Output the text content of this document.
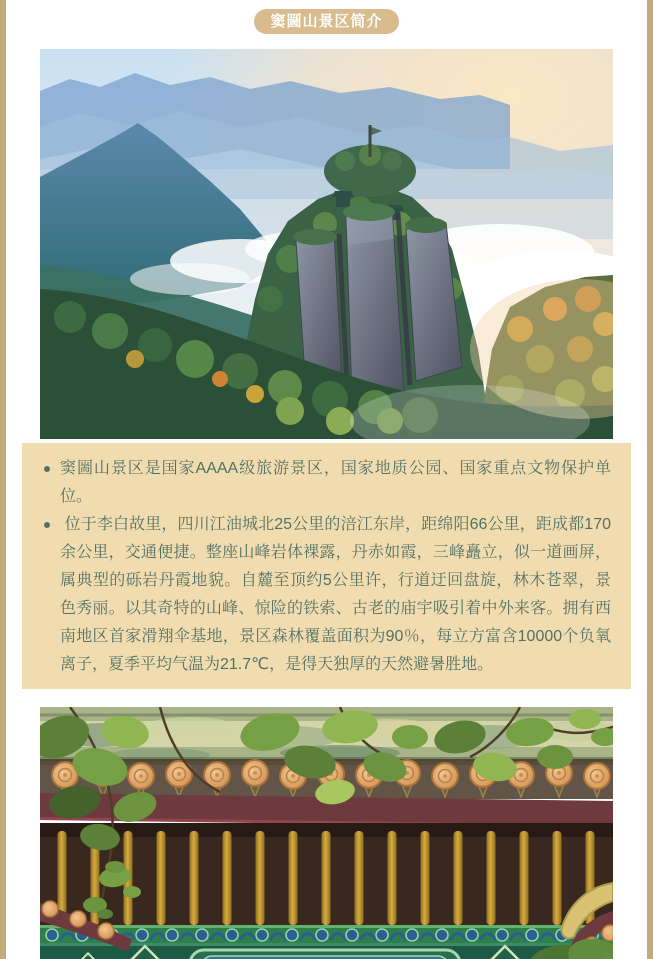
窦圌山景区简介
窦圌山景区是国家AAAA级旅游景区，国家地质公园、国家重点文物保护单位。
位于李白故里，四川江油城北25公里的涪江东岸，距绵阳66公里，距成都170余公里，交通便捷。整座山峰岩体裸露，丹赤如霞，三峰矗立，似一道画屏，属典型的砾岩丹霞地貌。自麓至顶约5公里许，行道迂回盘旋，林木苍翠，景色秀丽。以其奇特的山峰、惊险的铁索、古老的庙宇吸引着中外来客。拥有西南地区首家滑翔伞基地，景区森林覆盖面积为90％，每立方富含10000个负氧离子，夏季平均气温为21.7℃，是得天独厚的天然避暑胜地。
